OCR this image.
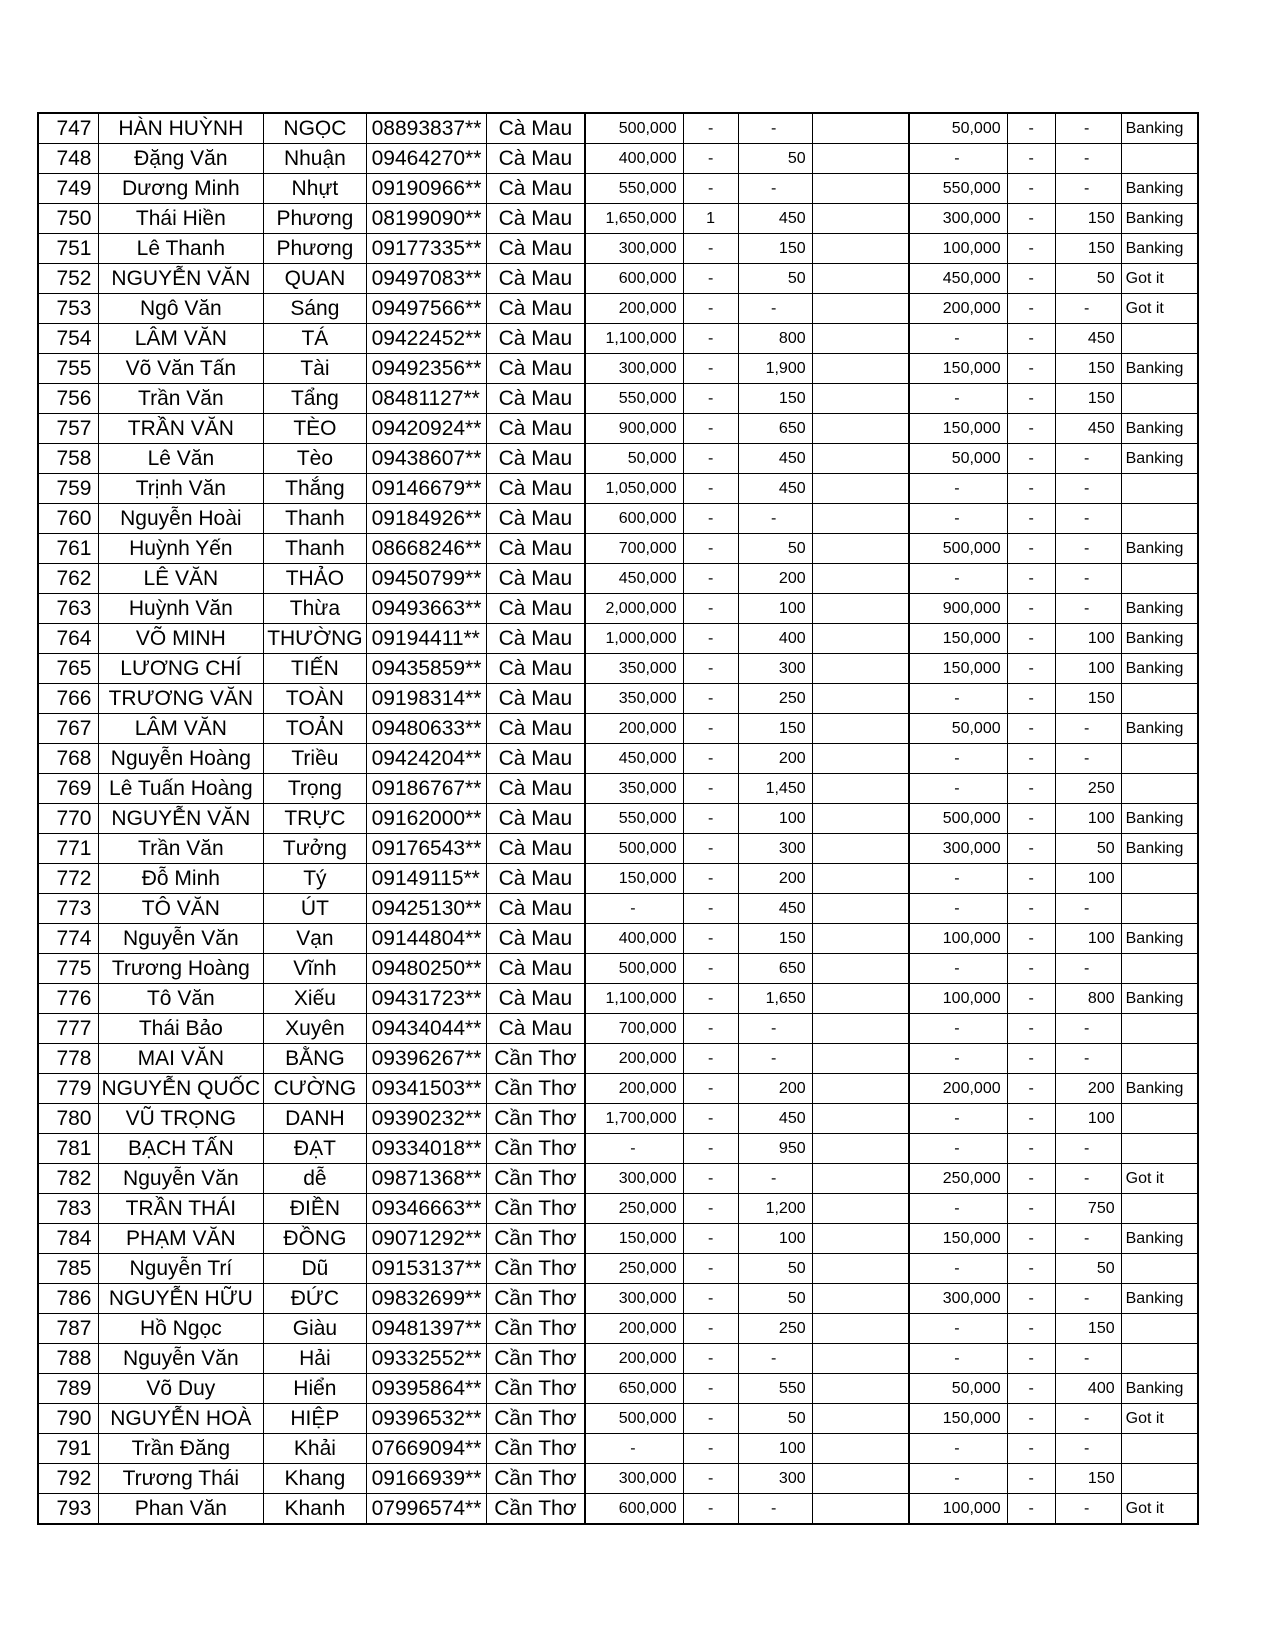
747	HÀN HUỲNH	NGỌC	08893837**	Cà Mau	500,000	-	-		50,000	-	-	Banking
748	Đặng Văn	Nhuận	09464270**	Cà Mau	400,000	-	50		-	-	-	
749	Dương Minh	Nhựt	09190966**	Cà Mau	550,000	-	-		550,000	-	-	Banking
750	Thái Hiền	Phương	08199090**	Cà Mau	1,650,000	1	450		300,000	-	150	Banking
751	Lê Thanh	Phương	09177335**	Cà Mau	300,000	-	150		100,000	-	150	Banking
752	NGUYỄN VĂN	QUAN	09497083**	Cà Mau	600,000	-	50		450,000	-	50	Got it
753	Ngô Văn	Sáng	09497566**	Cà Mau	200,000	-	-		200,000	-	-	Got it
754	LÂM VĂN	TÁ	09422452**	Cà Mau	1,100,000	-	800		-	-	450	
755	Võ Văn Tấn	Tài	09492356**	Cà Mau	300,000	-	1,900		150,000	-	150	Banking
756	Trần Văn	Tẩng	08481127**	Cà Mau	550,000	-	150		-	-	150	
757	TRẦN VĂN	TÈO	09420924**	Cà Mau	900,000	-	650		150,000	-	450	Banking
758	Lê Văn	Tèo	09438607**	Cà Mau	50,000	-	450		50,000	-	-	Banking
759	Trịnh Văn	Thắng	09146679**	Cà Mau	1,050,000	-	450		-	-	-	
760	Nguyễn Hoài	Thanh	09184926**	Cà Mau	600,000	-	-		-	-	-	
761	Huỳnh Yến	Thanh	08668246**	Cà Mau	700,000	-	50		500,000	-	-	Banking
762	LÊ VĂN	THẢO	09450799**	Cà Mau	450,000	-	200		-	-	-	
763	Huỳnh Văn	Thừa	09493663**	Cà Mau	2,000,000	-	100		900,000	-	-	Banking
764	VÕ MINH	THƯỜNG	09194411**	Cà Mau	1,000,000	-	400		150,000	-	100	Banking
765	LƯƠNG CHÍ	TIẾN	09435859**	Cà Mau	350,000	-	300		150,000	-	100	Banking
766	TRƯƠNG VĂN	TOÀN	09198314**	Cà Mau	350,000	-	250		-	-	150	
767	LÂM VĂN	TOẢN	09480633**	Cà Mau	200,000	-	150		50,000	-	-	Banking
768	Nguyễn Hoàng	Triều	09424204**	Cà Mau	450,000	-	200		-	-	-	
769	Lê Tuấn Hoàng	Trọng	09186767**	Cà Mau	350,000	-	1,450		-	-	250	
770	NGUYỄN VĂN	TRỰC	09162000**	Cà Mau	550,000	-	100		500,000	-	100	Banking
771	Trần Văn	Tưởng	09176543**	Cà Mau	500,000	-	300		300,000	-	50	Banking
772	Đỗ Minh	Tý	09149115**	Cà Mau	150,000	-	200		-	-	100	
773	TÔ VĂN	ÚT	09425130**	Cà Mau	-	-	450		-	-	-	
774	Nguyễn Văn	Vạn	09144804**	Cà Mau	400,000	-	150		100,000	-	100	Banking
775	Trương Hoàng	Vĩnh	09480250**	Cà Mau	500,000	-	650		-	-	-	
776	Tô Văn	Xiếu	09431723**	Cà Mau	1,100,000	-	1,650		100,000	-	800	Banking
777	Thái Bảo	Xuyên	09434044**	Cà Mau	700,000	-	-		-	-	-	
778	MAI VĂN	BẰNG	09396267**	Cần Thơ	200,000	-	-		-	-	-	
779	NGUYỄN QUỐC	CƯỜNG	09341503**	Cần Thơ	200,000	-	200		200,000	-	200	Banking
780	VŨ TRỌNG	DANH	09390232**	Cần Thơ	1,700,000	-	450		-	-	100	
781	BẠCH TẤN	ĐẠT	09334018**	Cần Thơ	-	-	950		-	-	-	
782	Nguyễn Văn	dễ	09871368**	Cần Thơ	300,000	-	-		250,000	-	-	Got it
783	TRẦN THÁI	ĐIỀN	09346663**	Cần Thơ	250,000	-	1,200		-	-	750	
784	PHẠM VĂN	ĐỒNG	09071292**	Cần Thơ	150,000	-	100		150,000	-	-	Banking
785	Nguyễn Trí	Dũ	09153137**	Cần Thơ	250,000	-	50		-	-	50	
786	NGUYỄN HỮU	ĐỨC	09832699**	Cần Thơ	300,000	-	50		300,000	-	-	Banking
787	Hồ Ngọc	Giàu	09481397**	Cần Thơ	200,000	-	250		-	-	150	
788	Nguyễn Văn	Hải	09332552**	Cần Thơ	200,000	-	-		-	-	-	
789	Võ Duy	Hiển	09395864**	Cần Thơ	650,000	-	550		50,000	-	400	Banking
790	NGUYỄN HOÀ	HIỆP	09396532**	Cần Thơ	500,000	-	50		150,000	-	-	Got it
791	Trần Đăng	Khải	07669094**	Cần Thơ	-	-	100		-	-	-	
792	Trương Thái	Khang	09166939**	Cần Thơ	300,000	-	300		-	-	150	
793	Phan Văn	Khanh	07996574**	Cần Thơ	600,000	-	-		100,000	-	-	Got it
